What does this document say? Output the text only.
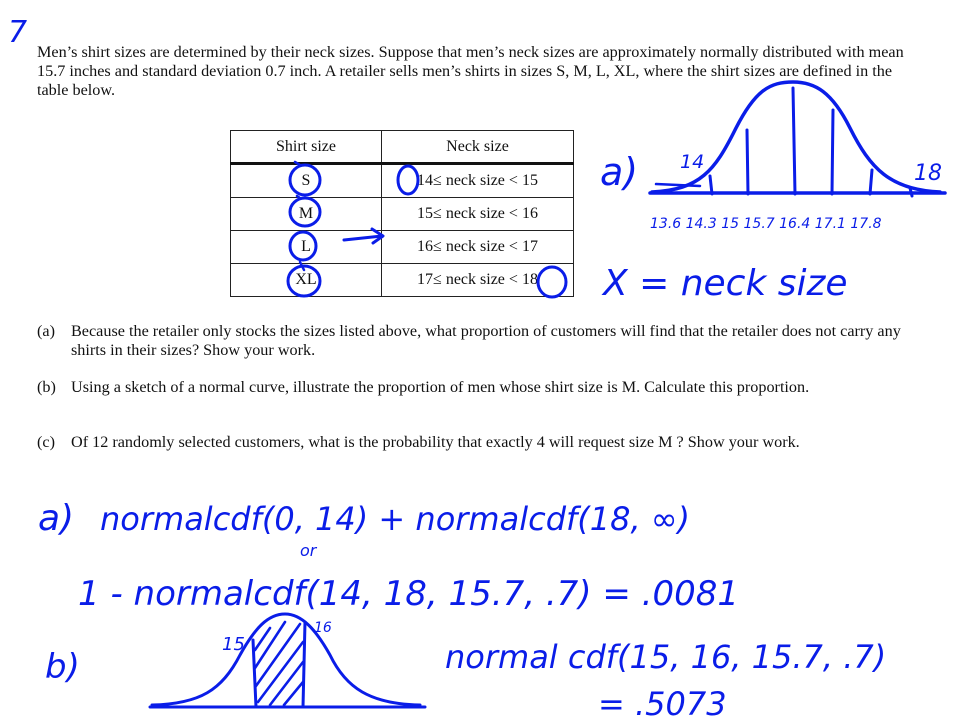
Men’s shirt sizes are determined by their neck sizes. Suppose that men’s neck sizes are approximately normally distributed with mean 15.7 inches and standard deviation 0.7 inch. A retailer sells men’s shirts in sizes S, M, L, XL, where the shirt sizes are defined in the table below.
Shirt size	Neck size
S	14≤ neck size < 15
M	15≤ neck size < 16
L	16≤ neck size < 17
XL	17≤ neck size < 18
(a) Because the retailer only stocks the sizes listed above, what proportion of customers will find that the retailer does not carry any shirts in their sizes? Show your work.
(b) Using a sketch of a normal curve, illustrate the proportion of men whose shirt size is M. Calculate this proportion.
(c) Of 12 randomly selected customers, what is the probability that exactly 4 will request size M ? Show your work.
7
a) 14	18
13.6 14.3 15 15.7 16.4 17.1 17.8
X = neck size
a) normalcdf(0, 14) + normalcdf(18, ∞)
or
1 - normalcdf(14, 18, 15.7, .7) = .0081
b)
15
16
normal cdf(15, 16, 15.7, .7)
= .5073
